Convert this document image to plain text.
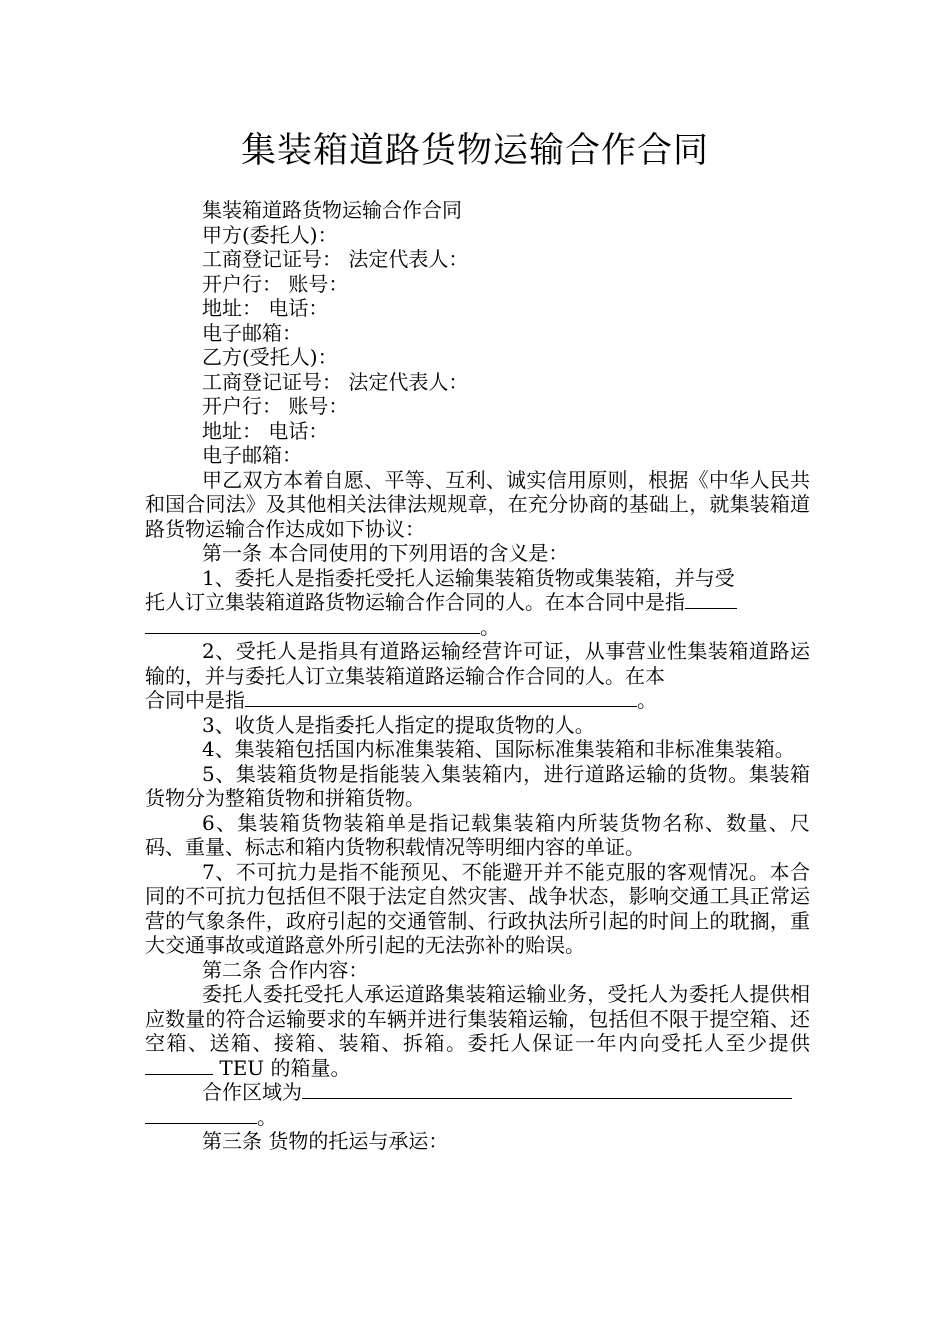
集装箱道路货物运输合作合同

集装箱道路货物运输合作合同

甲方(委托人)：

工商登记证号： 法定代表人：

开户行： 账号：

地址： 电话：

电子邮箱：

乙方(受托人)：

工商登记证号： 法定代表人：

开户行： 账号：

地址： 电话：

电子邮箱：

甲乙双方本着自愿、平等、互利、诚实信用原则，根据《中华人民共和国合同法》及其他相关法律法规规章，在充分协商的基础上，就集装箱道路货物运输合作达成如下协议：

第一条 本合同使用的下列用语的含义是：

1、委托人是指委托受托人运输集装箱货物或集装箱，并与受

托人订立集装箱道路货物运输合作合同的人。在本合同中是指

。

2、受托人是指具有道路运输经营许可证，从事营业性集装箱道路运输的，并与委托人订立集装箱道路运输合作合同的人。在本

合同中是指	。

3、收货人是指委托人指定的提取货物的人。

4、集装箱包括国内标准集装箱、国际标准集装箱和非标准集装箱。

5、集装箱货物是指能装入集装箱内，进行道路运输的货物。集装箱货物分为整箱货物和拼箱货物。

6、集装箱货物装箱单是指记载集装箱内所装货物名称、数量、尺码、重量、标志和箱内货物积载情况等明细内容的单证。

7、不可抗力是指不能预见、不能避开并不能克服的客观情况。本合同的不可抗力包括但不限于法定自然灾害、战争状态，影响交通工具正常运营的气象条件，政府引起的交通管制、行政执法所引起的时间上的耽搁，重大交通事故或道路意外所引起的无法弥补的贻误。

第二条 合作内容：

委托人委托受托人承运道路集装箱运输业务，受托人为委托人提供相应数量的符合运输要求的车辆并进行集装箱运输，包括但不限于提空箱、还空箱、送箱、接箱、装箱、拆箱。委托人保证一年内向受托人至少提供 TEU 的箱量。

合作区域为

。

第三条 货物的托运与承运：
